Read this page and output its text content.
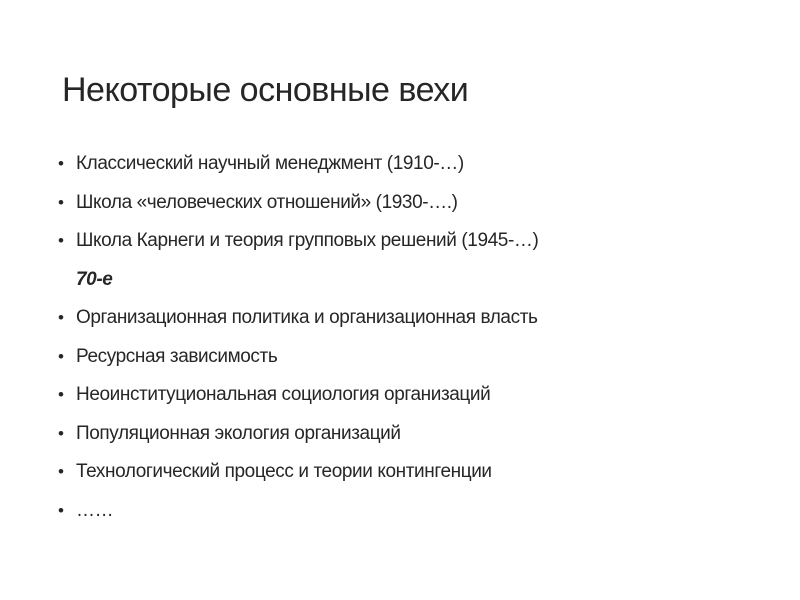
Некоторые основные вехи
• Классический научный менеджмент (1910-…)
• Школа «человеческих отношений» (1930-….)
• Школа Карнеги и теория групповых решений (1945-…)
70-е
• Организационная политика и организационная власть
• Ресурсная зависимость
• Неоинституциональная социология организаций
• Популяционная экология организаций
• Технологический процесс и теории контингенции
• ……
